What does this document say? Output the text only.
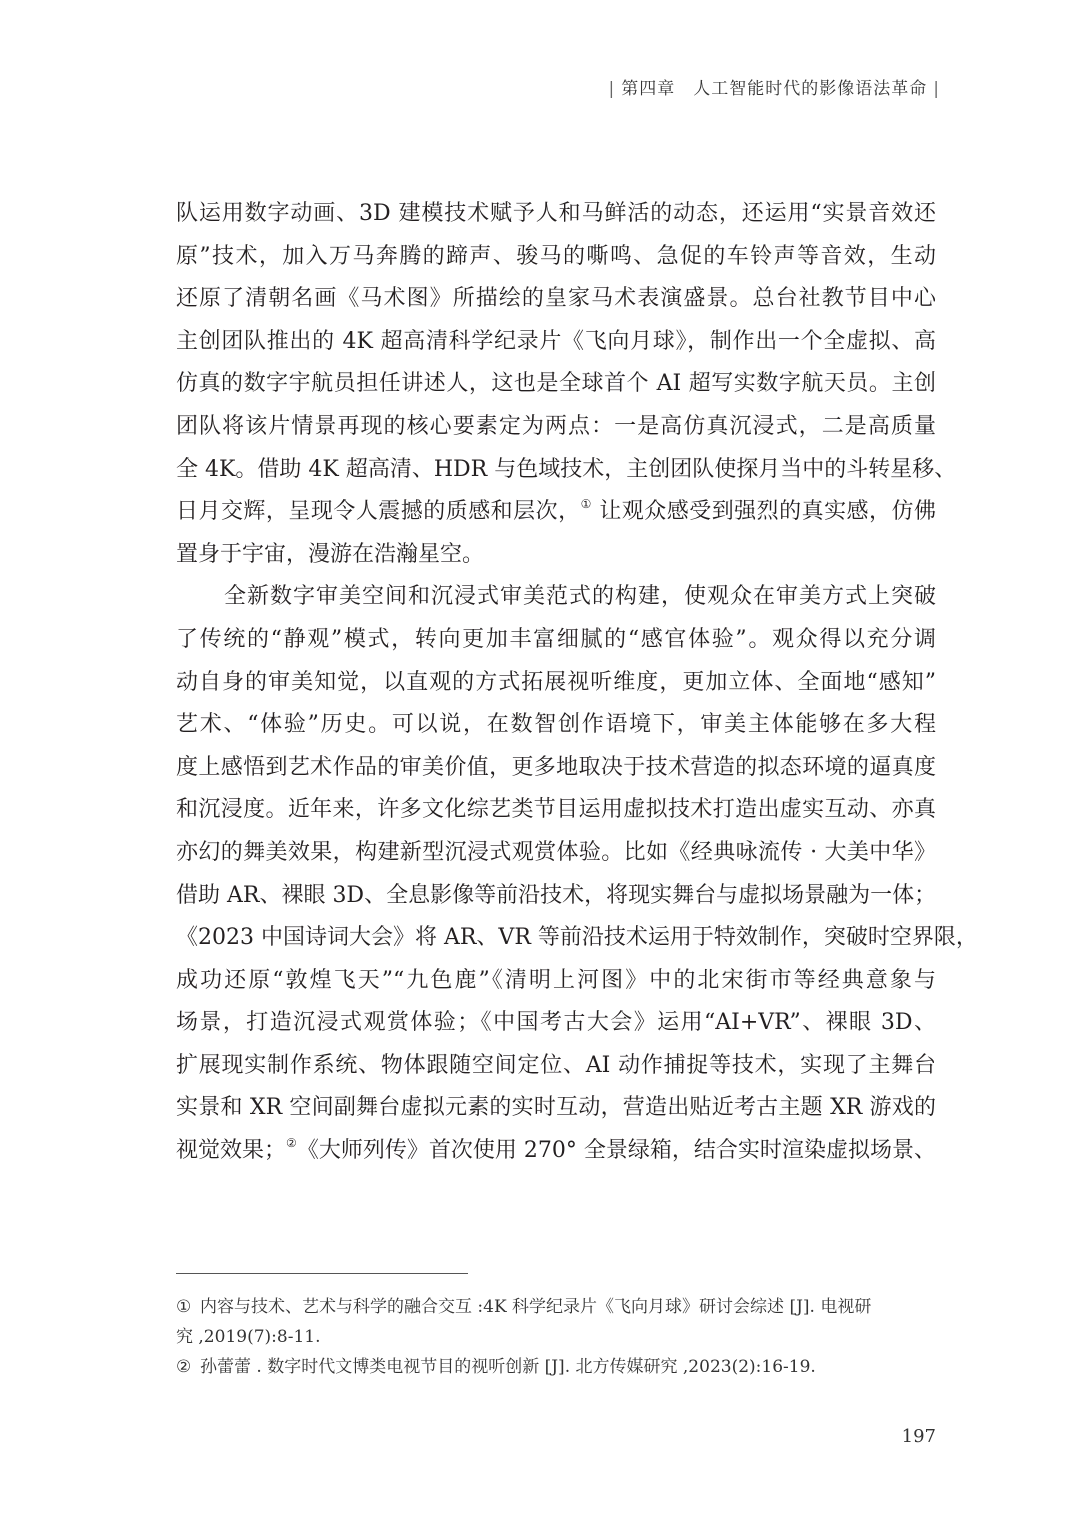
| 第四章　人工智能时代的影像语法革命 |
队运用数字动画、3D 建模技术赋予人和马鲜活的动态，还运用“实景音效还
原”技术，加入万马奔腾的蹄声、骏马的嘶鸣、急促的车铃声等音效，生动
还原了清朝名画《马术图》所描绘的皇家马术表演盛景。总台社教节目中心
主创团队推出的 4K 超高清科学纪录片《飞向月球》，制作出一个全虚拟、高
仿真的数字宇航员担任讲述人，这也是全球首个 AI 超写实数字航天员。主创
团队将该片情景再现的核心要素定为两点：一是高仿真沉浸式，二是高质量
全 4K。借助 4K 超高清、HDR 与色域技术，主创团队使探月当中的斗转星移、
日月交辉，呈现令人震撼的质感和层次，① 让观众感受到强烈的真实感，仿佛
置身于宇宙，漫游在浩瀚星空。
全新数字审美空间和沉浸式审美范式的构建，使观众在审美方式上突破
了传统的“静观”模式，转向更加丰富细腻的“感官体验”。观众得以充分调
动自身的审美知觉，以直观的方式拓展视听维度，更加立体、全面地“感知”
艺术、“体验”历史。可以说，在数智创作语境下，审美主体能够在多大程
度上感悟到艺术作品的审美价值，更多地取决于技术营造的拟态环境的逼真度
和沉浸度。近年来，许多文化综艺类节目运用虚拟技术打造出虚实互动、亦真
亦幻的舞美效果，构建新型沉浸式观赏体验。比如《经典咏流传 · 大美中华》
借助 AR、裸眼 3D、全息影像等前沿技术，将现实舞台与虚拟场景融为一体；
《2023 中国诗词大会》将 AR、VR 等前沿技术运用于特效制作，突破时空界限，
成功还原“敦煌飞天”“九色鹿”《清明上河图》中的北宋街市等经典意象与
场景，打造沉浸式观赏体验；《中国考古大会》运用“AI+VR”、裸眼 3D、
扩展现实制作系统、物体跟随空间定位、AI 动作捕捉等技术，实现了主舞台
实景和 XR 空间副舞台虚拟元素的实时互动，营造出贴近考古主题 XR 游戏的
视觉效果；②《大师列传》首次使用 270° 全景绿箱，结合实时渲染虚拟场景、
① 内容与技术、艺术与科学的融合交互 :4K 科学纪录片《飞向月球》研讨会综述 [J]. 电视研
究 ,2019(7):8-11.
② 孙蕾蕾 . 数字时代文博类电视节目的视听创新 [J]. 北方传媒研究 ,2023(2):16-19.
197
